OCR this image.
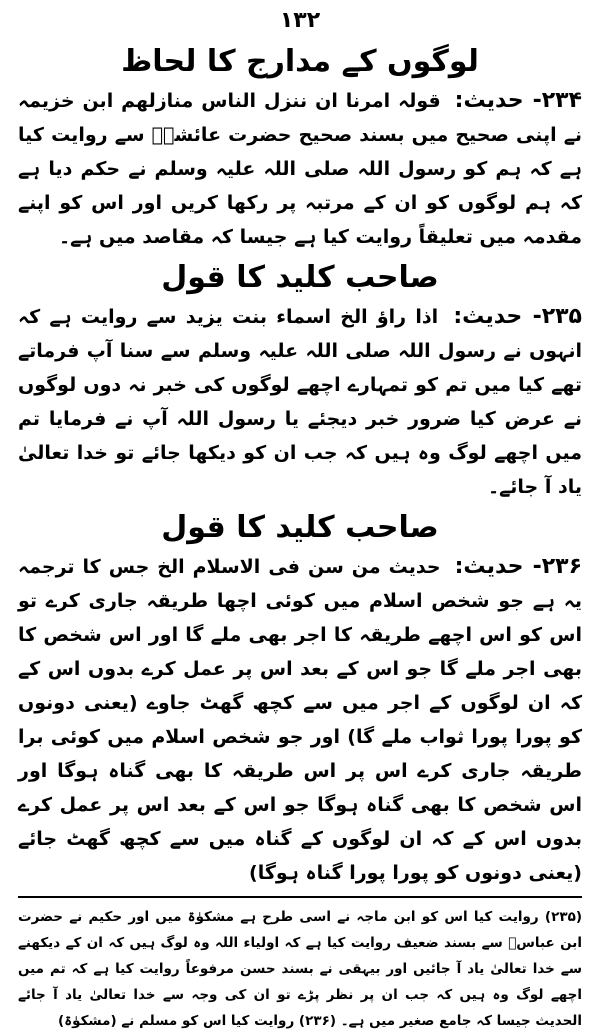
۱۳۲
لوگوں کے مدارج کا لحاظ

۲۳۴- حدیث: قولہ امرنا ان ننزل الناس منازلھم ابن خزیمہ نے اپنی صحیح میں بسند صحیح حضرت عائشہؓ سے روایت کیا ہے کہ ہم کو رسول اللہ صلی اللہ علیہ وسلم نے حکم دیا ہے کہ ہم لوگوں کو ان کے مرتبہ پر رکھا کریں اور اس کو اپنے مقدمہ میں تعلیقاً روایت کیا ہے جیسا کہ مقاصد میں ہے۔

صاحب کلید کا قول

۲۳۵- حدیث: اذا راؤ الخ اسماء بنت یزید سے روایت ہے کہ انہوں نے رسول اللہ صلی اللہ علیہ وسلم سے سنا آپ فرماتے تھے کیا میں تم کو تمہارے اچھے لوگوں کی خبر نہ دوں لوگوں نے عرض کیا ضرور خبر دیجئے یا رسول اللہ آپ نے فرمایا تم میں اچھے لوگ وہ ہیں کہ جب ان کو دیکھا جائے تو خدا تعالیٰ یاد آ جائے۔

صاحب کلید کا قول

۲۳۶- حدیث: حدیث من سن فی الاسلام الخ جس کا ترجمہ یہ ہے جو شخص اسلام میں کوئی اچھا طریقہ جاری کرے تو اس کو اس اچھے طریقہ کا اجر بھی ملے گا اور اس شخص کا بھی اجر ملے گا جو اس کے بعد اس پر عمل کرے بدوں اس کے کہ ان لوگوں کے اجر میں سے کچھ گھٹ جاوے (یعنی دونوں کو پورا پورا ثواب ملے گا) اور جو شخص اسلام میں کوئی برا طریقہ جاری کرے اس پر اس طریقہ کا بھی گناہ ہوگا اور اس شخص کا بھی گناہ ہوگا جو اس کے بعد اس پر عمل کرے بدوں اس کے کہ ان لوگوں کے گناہ میں سے کچھ گھٹ جائے (یعنی دونوں کو پورا پورا گناہ ہوگا)

(۲۳۵) روایت کیا اس کو ابن ماجہ نے اسی طرح ہے مشکوٰۃ میں اور حکیم نے حضرت ابن عباسؓ سے بسند ضعیف روایت کیا ہے کہ اولیاء اللہ وہ لوگ ہیں کہ ان کے دیکھنے سے خدا تعالیٰ یاد آ جائیں اور بیہقی نے بسند حسن مرفوعاً روایت کیا ہے کہ تم میں اچھے لوگ وہ ہیں کہ جب ان پر نظر پڑے تو ان کی وجہ سے خدا تعالیٰ یاد آ جائے الحدیث جیسا کہ جامع صغیر میں ہے۔ (۲۳۶) روایت کیا اس کو مسلم نے (مشکوٰۃ)
